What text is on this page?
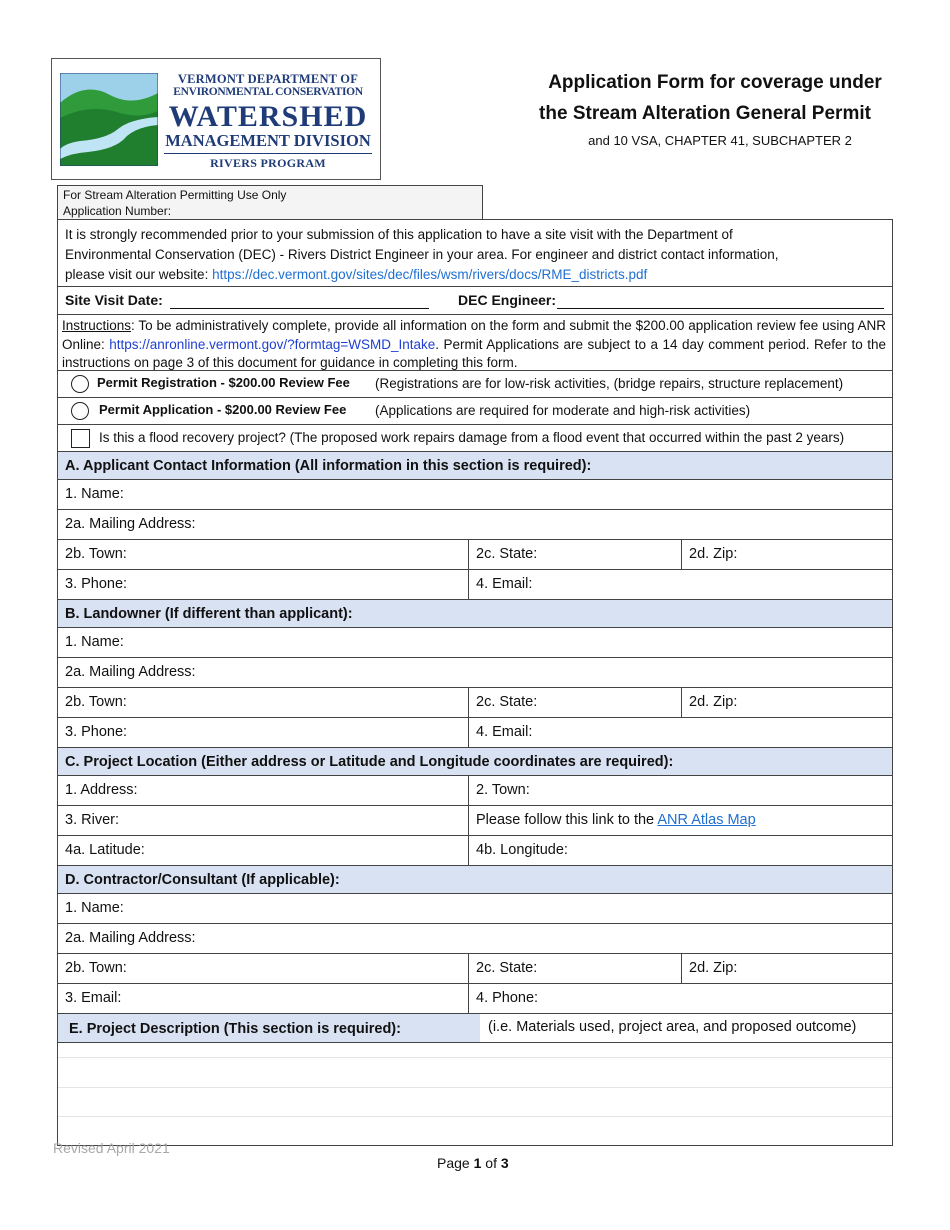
VERMONT DEPARTMENT OF
ENVIRONMENTAL CONSERVATION
WATERSHED
MANAGEMENT DIVISION
RIVERS PROGRAM
Application Form for coverage under
the Stream Alteration General Permit
and 10 VSA, CHAPTER 41, SUBCHAPTER 2
For Stream Alteration Permitting Use Only
Application Number:
It is strongly recommended prior to your submission of this application to have a site visit with the Department of
Environmental Conservation (DEC) - Rivers District Engineer in your area. For engineer and district contact information,
please visit our website: https://dec.vermont.gov/sites/dec/files/wsm/rivers/docs/RME_districts.pdf
Site Visit Date:	DEC Engineer:
Instructions: To be administratively complete, provide all information on the form and submit the $200.00 application review fee using ANR Online: https://anronline.vermont.gov/?formtag=WSMD_Intake. Permit Applications are subject to a 14 day comment period. Refer to the instructions on page 3 of this document for guidance in completing this form.
Permit Registration - $200.00 Review Fee (Registrations are for low-risk activities, (bridge repairs, structure replacement)
Permit Application - $200.00 Review Fee (Applications are required for moderate and high-risk activities)
Is this a flood recovery project? (The proposed work repairs damage from a flood event that occurred within the past 2 years)
A. Applicant Contact Information (All information in this section is required):
1. Name:
2a. Mailing Address:
2b. Town:	2c. State:	2d. Zip:
3. Phone:	4. Email:
B. Landowner (If different than applicant):
1. Name:
2a. Mailing Address:
2b. Town:	2c. State:	2d. Zip:
3. Phone:	4. Email:
C. Project Location (Either address or Latitude and Longitude coordinates are required):
1. Address:	2. Town:
3. River:	Please follow this link to the ANR Atlas Map
4a. Latitude:	4b. Longitude:
D. Contractor/Consultant (If applicable):
1. Name:
2a. Mailing Address:
2b. Town:	2c. State:	2d. Zip:
3. Email:	4. Phone:
E. Project Description (This section is required):	(i.e. Materials used, project area, and proposed outcome)
Revised April 2021
Page 1 of 3
